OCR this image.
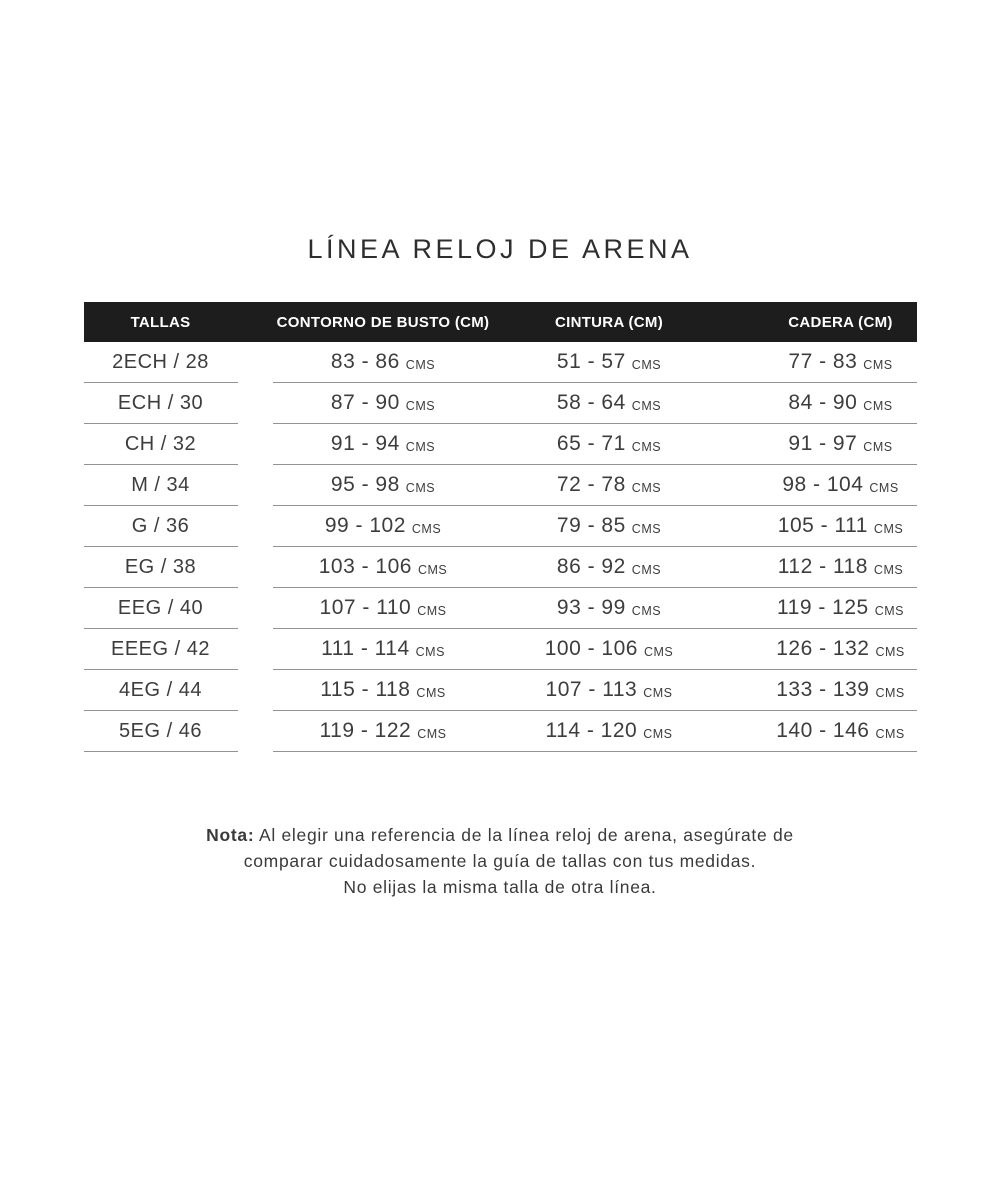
LÍNEA RELOJ DE ARENA
TALLAS	CONTORNO DE BUSTO (CM)	CINTURA (CM)	CADERA (CM)
2ECH / 28	83 - 86 CMS	51 - 57 CMS	77 - 83 CMS
ECH / 30	87 - 90 CMS	58 - 64 CMS	84 - 90 CMS
CH / 32	91 - 94 CMS	65 - 71 CMS	91 - 97 CMS
M / 34	95 - 98 CMS	72 - 78 CMS	98 - 104 CMS
G / 36	99 - 102 CMS	79 - 85 CMS	105 - 111 CMS
EG / 38	103 - 106 CMS	86 - 92 CMS	112 - 118 CMS
EEG / 40	107 - 110 CMS	93 - 99 CMS	119 - 125 CMS
EEEG / 42	111 - 114 CMS	100 - 106 CMS	126 - 132 CMS
4EG / 44	115 - 118 CMS	107 - 113 CMS	133 - 139 CMS
5EG / 46	119 - 122 CMS	114 - 120 CMS	140 - 146 CMS
Nota: Al elegir una referencia de la línea reloj de arena, asegúrate de
comparar cuidadosamente la guía de tallas con tus medidas.
No elijas la misma talla de otra línea.
